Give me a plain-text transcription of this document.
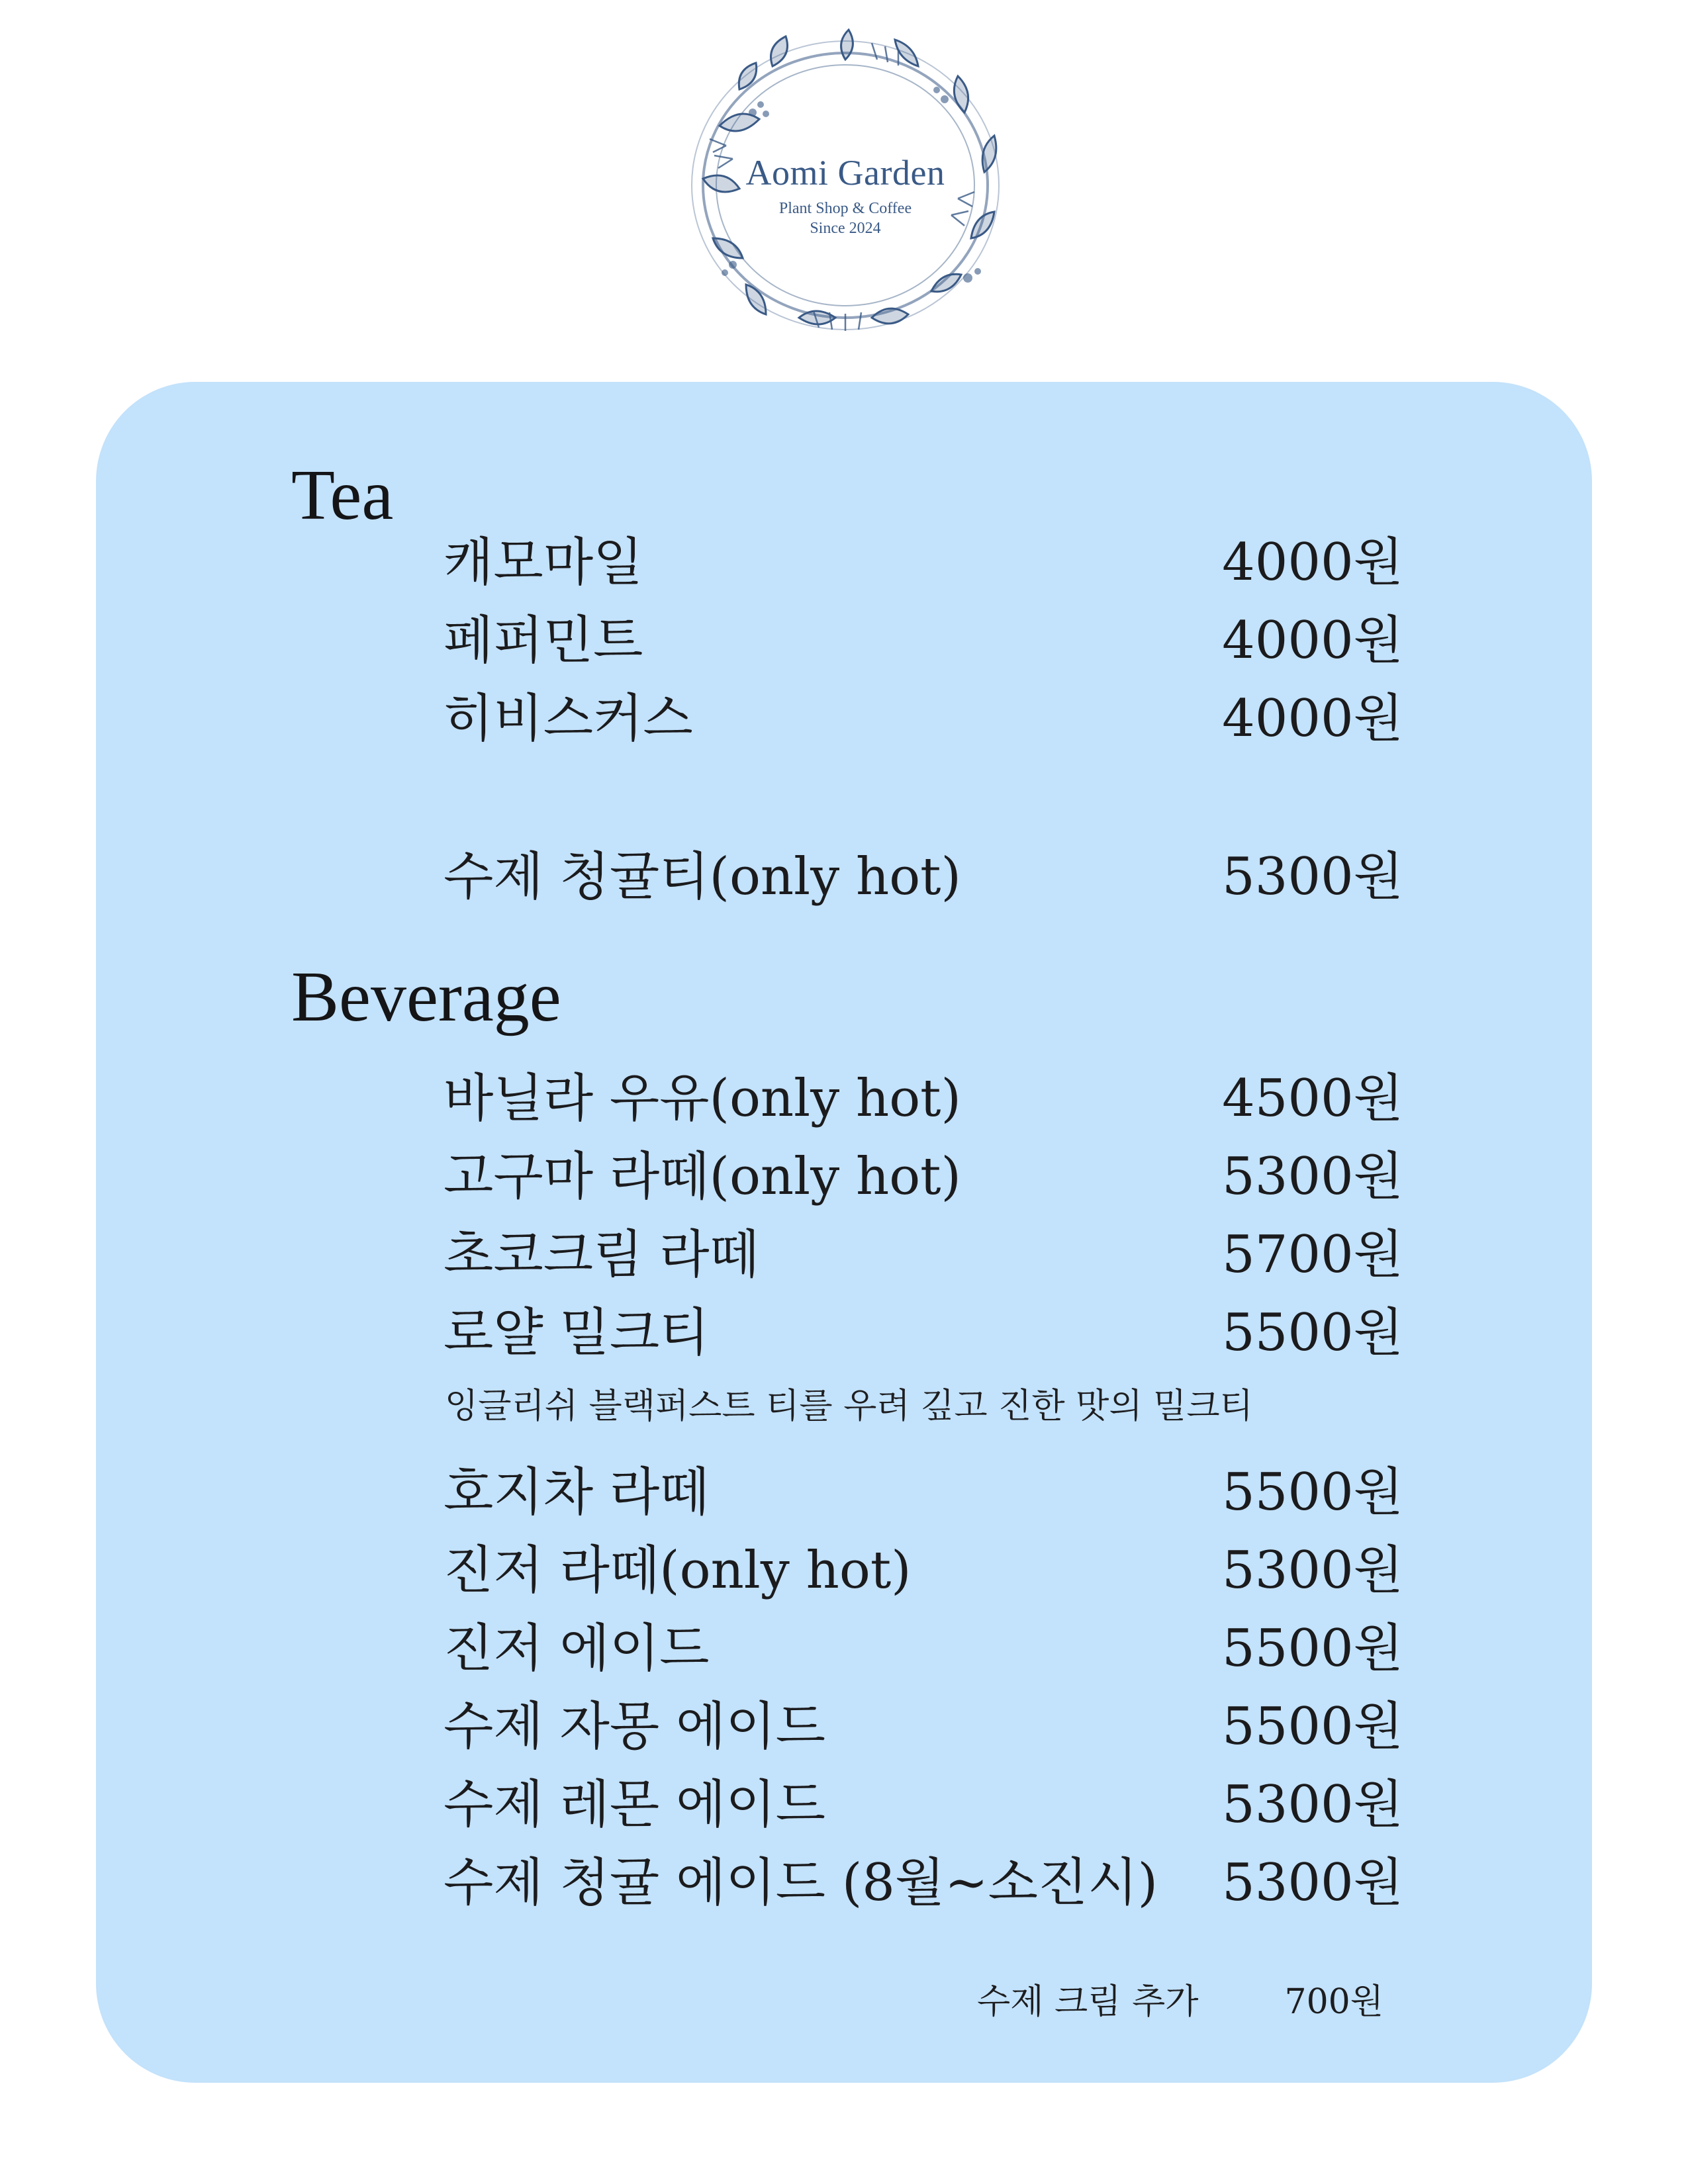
Aomi Garden
Plant Shop & Coffee
Since 2024
Tea
캐모마일	4000원
페퍼민트	4000원
히비스커스	4000원
수제 청귤티(only hot)	5300원
Beverage
바닐라 우유(only hot)	4500원
고구마 라떼(only hot)	5300원
초코크림 라떼	5700원
로얄 밀크티	5500원
잉글리쉬 블랙퍼스트 티를 우려 깊고 진한 맛의 밀크티
호지차 라떼	5500원
진저 라떼(only hot)	5300원
진저 에이드	5500원
수제 자몽 에이드	5500원
수제 레몬 에이드	5300원
수제 청귤 에이드 (8월~소진시) 5300원
수제 크림 추가	700원
